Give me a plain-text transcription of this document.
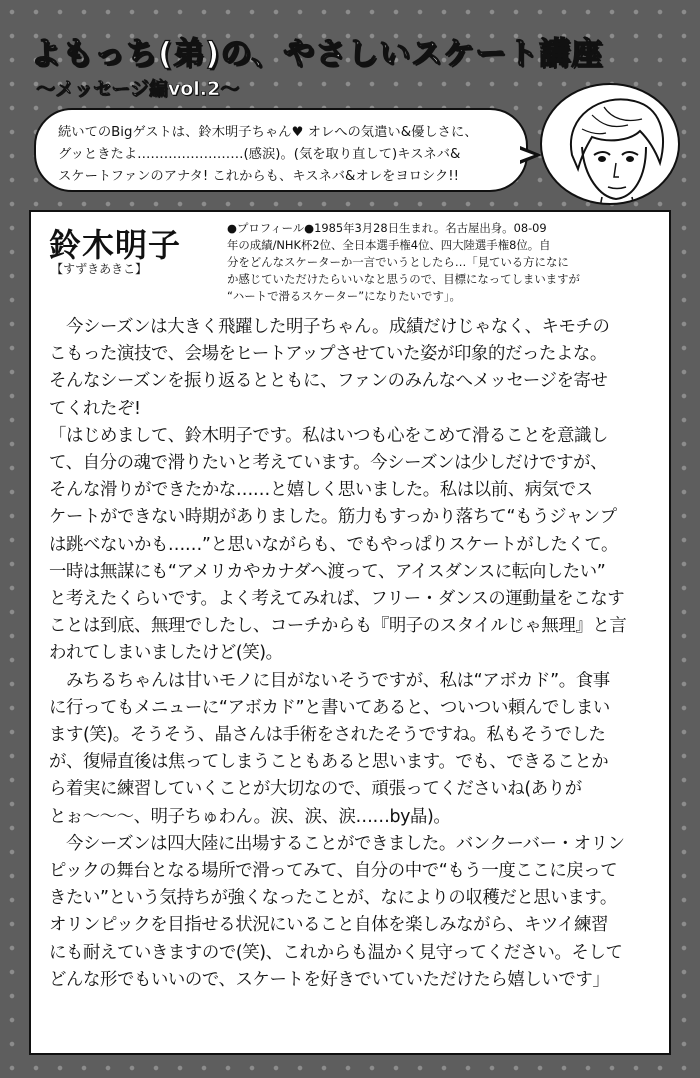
よもっち(弟)の、やさしいスケート講座
〜メッセージ編vol.2〜
続いてのBigゲストは、鈴木明子ちゃん♥ オレへの気遣い&優しさに、
グッときたよ……………………(感涙)。(気を取り直して)キスネバ&
スケートファンのアナタ! これからも、キスネバ&オレをヨロシク!!
鈴木明子
【すずきあきこ】
●プロフィール●1985年3月28日生まれ。名古屋出身。08-09
年の成績/NHK杯2位、全日本選手権4位、四大陸選手権8位。自
分をどんなスケーターか一言でいうとしたら…「見ている方になに
か感じていただけたらいいなと思うので、目標になってしまいますが
“ハートで滑るスケーター”になりたいです」。
　今シーズンは大きく飛躍した明子ちゃん。成績だけじゃなく、キモチの
こもった演技で、会場をヒートアップさせていた姿が印象的だったよな。
そんなシーズンを振り返るとともに、ファンのみんなへメッセージを寄せ
てくれたぞ!
「はじめまして、鈴木明子です。私はいつも心をこめて滑ることを意識し
て、自分の魂で滑りたいと考えています。今シーズンは少しだけですが、
そんな滑りができたかな……と嬉しく思いました。私は以前、病気でス
ケートができない時期がありました。筋力もすっかり落ちて“もうジャンプ
は跳べないかも……”と思いながらも、でもやっぱりスケートがしたくて。
一時は無謀にも“アメリカやカナダへ渡って、アイスダンスに転向したい”
と考えたくらいです。よく考えてみれば、フリー・ダンスの運動量をこなす
ことは到底、無理でしたし、コーチからも『明子のスタイルじゃ無理』と言
われてしまいましたけど(笑)。
　みちるちゃんは甘いモノに目がないそうですが、私は“アボカド”。食事
に行ってもメニューに“アボカド”と書いてあると、ついつい頼んでしまい
ます(笑)。そうそう、晶さんは手術をされたそうですね。私もそうでした
が、復帰直後は焦ってしまうこともあると思います。でも、できることか
ら着実に練習していくことが大切なので、頑張ってくださいね(ありが
とぉ〜〜〜、明子ちゅわん。涙、涙、涙……by晶)。
　今シーズンは四大陸に出場することができました。バンクーバー・オリン
ピックの舞台となる場所で滑ってみて、自分の中で“もう一度ここに戻って
きたい”という気持ちが強くなったことが、なによりの収穫だと思います。
オリンピックを目指せる状況にいること自体を楽しみながら、キツイ練習
にも耐えていきますので(笑)、これからも温かく見守ってください。そして
どんな形でもいいので、スケートを好きでいていただけたら嬉しいです」
